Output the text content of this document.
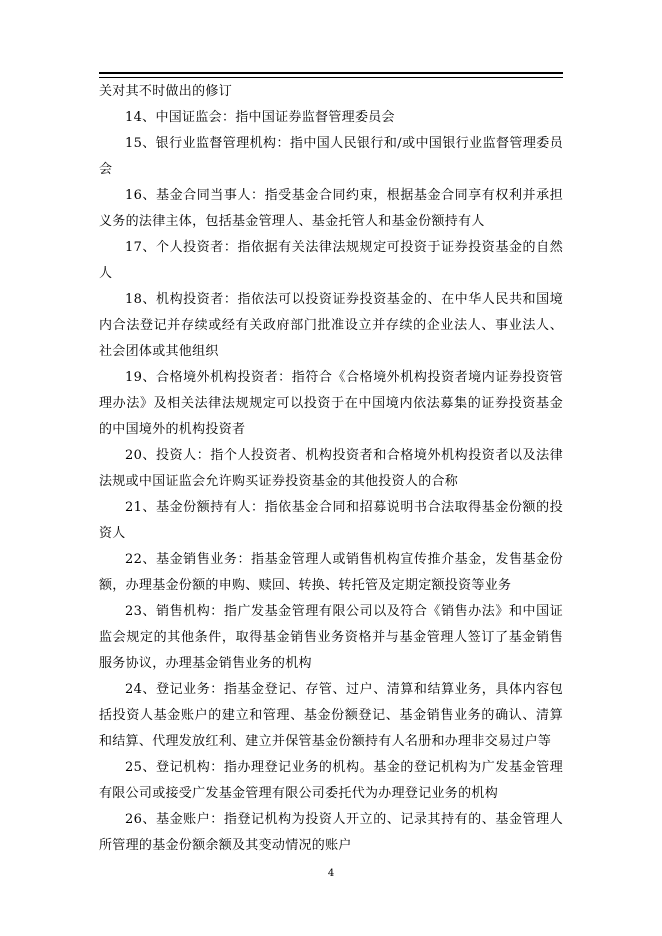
关对其不时做出的修订

14、中国证监会：指中国证券监督管理委员会

15、银行业监督管理机构：指中国人民银行和/或中国银行业监督管理委员会

16、基金合同当事人：指受基金合同约束，根据基金合同享有权利并承担义务的法律主体，包括基金管理人、基金托管人和基金份额持有人

17、个人投资者：指依据有关法律法规规定可投资于证券投资基金的自然人

18、机构投资者：指依法可以投资证券投资基金的、在中华人民共和国境内合法登记并存续或经有关政府部门批准设立并存续的企业法人、事业法人、社会团体或其他组织

19、合格境外机构投资者：指符合《合格境外机构投资者境内证券投资管理办法》及相关法律法规规定可以投资于在中国境内依法募集的证券投资基金的中国境外的机构投资者

20、投资人：指个人投资者、机构投资者和合格境外机构投资者以及法律法规或中国证监会允许购买证券投资基金的其他投资人的合称

21、基金份额持有人：指依基金合同和招募说明书合法取得基金份额的投资人

22、基金销售业务：指基金管理人或销售机构宣传推介基金，发售基金份额，办理基金份额的申购、赎回、转换、转托管及定期定额投资等业务

23、销售机构：指广发基金管理有限公司以及符合《销售办法》和中国证监会规定的其他条件，取得基金销售业务资格并与基金管理人签订了基金销售服务协议，办理基金销售业务的机构

24、登记业务：指基金登记、存管、过户、清算和结算业务，具体内容包括投资人基金账户的建立和管理、基金份额登记、基金销售业务的确认、清算和结算、代理发放红利、建立并保管基金份额持有人名册和办理非交易过户等

25、登记机构：指办理登记业务的机构。基金的登记机构为广发基金管理有限公司或接受广发基金管理有限公司委托代为办理登记业务的机构

26、基金账户：指登记机构为投资人开立的、记录其持有的、基金管理人所管理的基金份额余额及其变动情况的账户

4
